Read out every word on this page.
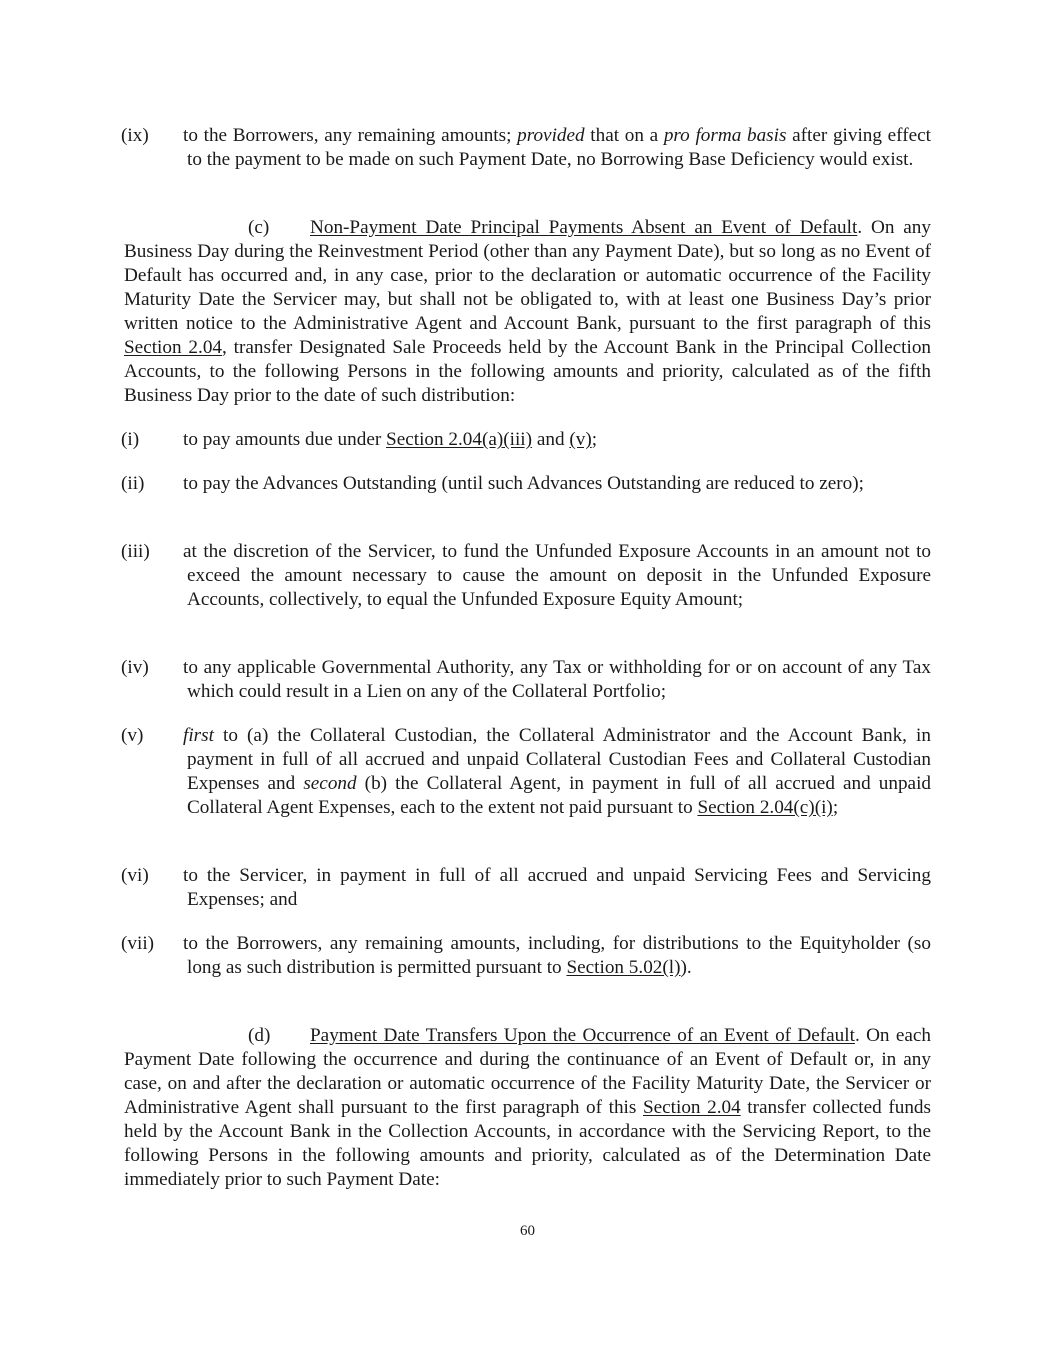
(ix) to the Borrowers, any remaining amounts; provided that on a pro forma basis after giving effect to the payment to be made on such Payment Date, no Borrowing Base Deficiency would exist.

(c) Non-Payment Date Principal Payments Absent an Event of Default. On any Business Day during the Reinvestment Period (other than any Payment Date), but so long as no Event of Default has occurred and, in any case, prior to the declaration or automatic occurrence of the Facility Maturity Date the Servicer may, but shall not be obligated to, with at least one Business Day’s prior written notice to the Administrative Agent and Account Bank, pursuant to the first paragraph of this Section 2.04, transfer Designated Sale Proceeds held by the Account Bank in the Principal Collection Accounts, to the following Persons in the following amounts and priority, calculated as of the fifth Business Day prior to the date of such distribution:

(i) to pay amounts due under Section 2.04(a)(iii) and (v);

(ii) to pay the Advances Outstanding (until such Advances Outstanding are reduced to zero);

(iii) at the discretion of the Servicer, to fund the Unfunded Exposure Accounts in an amount not to exceed the amount necessary to cause the amount on deposit in the Unfunded Exposure Accounts, collectively, to equal the Unfunded Exposure Equity Amount;

(iv) to any applicable Governmental Authority, any Tax or withholding for or on account of any Tax which could result in a Lien on any of the Collateral Portfolio;

(v) first to (a) the Collateral Custodian, the Collateral Administrator and the Account Bank, in payment in full of all accrued and unpaid Collateral Custodian Fees and Collateral Custodian Expenses and second (b) the Collateral Agent, in payment in full of all accrued and unpaid Collateral Agent Expenses, each to the extent not paid pursuant to Section 2.04(c)(i);

(vi) to the Servicer, in payment in full of all accrued and unpaid Servicing Fees and Servicing Expenses; and

(vii) to the Borrowers, any remaining amounts, including, for distributions to the Equityholder (so long as such distribution is permitted pursuant to Section 5.02(l)).

(d) Payment Date Transfers Upon the Occurrence of an Event of Default. On each Payment Date following the occurrence and during the continuance of an Event of Default or, in any case, on and after the declaration or automatic occurrence of the Facility Maturity Date, the Servicer or Administrative Agent shall pursuant to the first paragraph of this Section 2.04 transfer collected funds held by the Account Bank in the Collection Accounts, in accordance with the Servicing Report, to the following Persons in the following amounts and priority, calculated as of the Determination Date immediately prior to such Payment Date:

60
